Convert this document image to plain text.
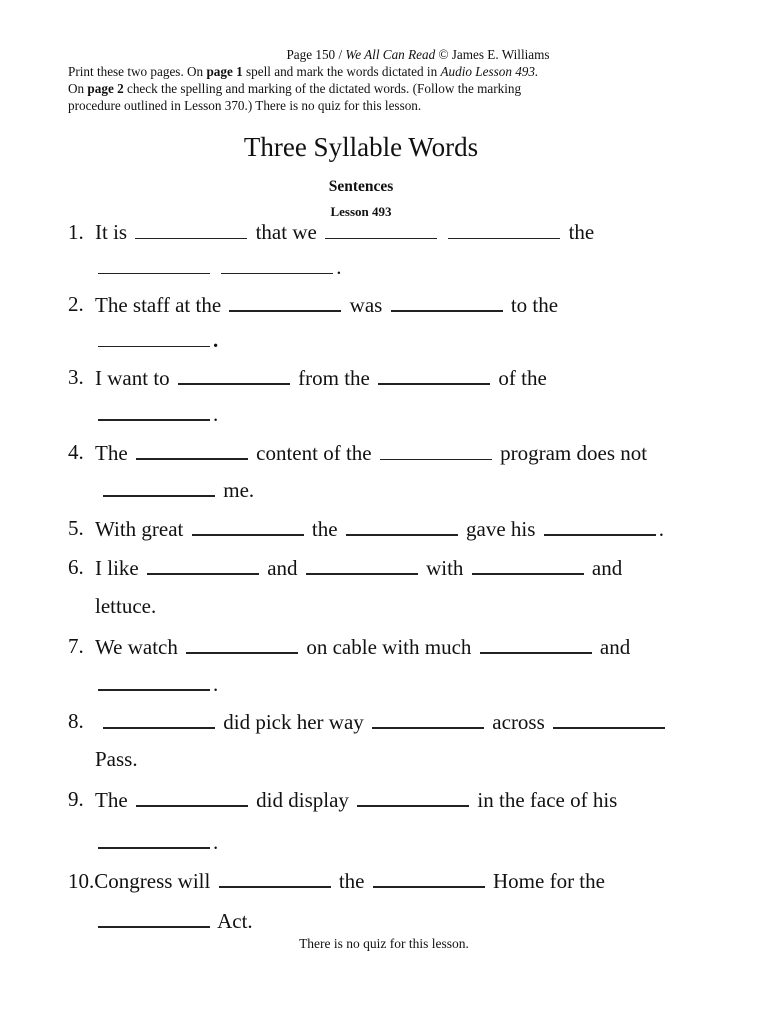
Page 150 / We All Can Read © James E. Williams
Print these two pages. On page 1 spell and mark the words dictated in Audio Lesson 493.
On page 2 check the spelling and marking of the dictated words. (Follow the marking
procedure outlined in Lesson 370.) There is no quiz for this lesson.
Three Syllable Words
Sentences
Lesson 493
1. It is	that we	the
.
2. The staff at the	was	to the
.
3. I want to	from the	of the
.
4. The	content of the	program does not
me.
5. With great	the	gave his	.
6. I like	and	with	and
lettuce.
7. We watch	on cable with much	and
.
8.	did pick her way	across
Pass.
9. The	did display	in the face of his
.
10.Congress will	the	Home for the
Act.
There is no quiz for this lesson.
